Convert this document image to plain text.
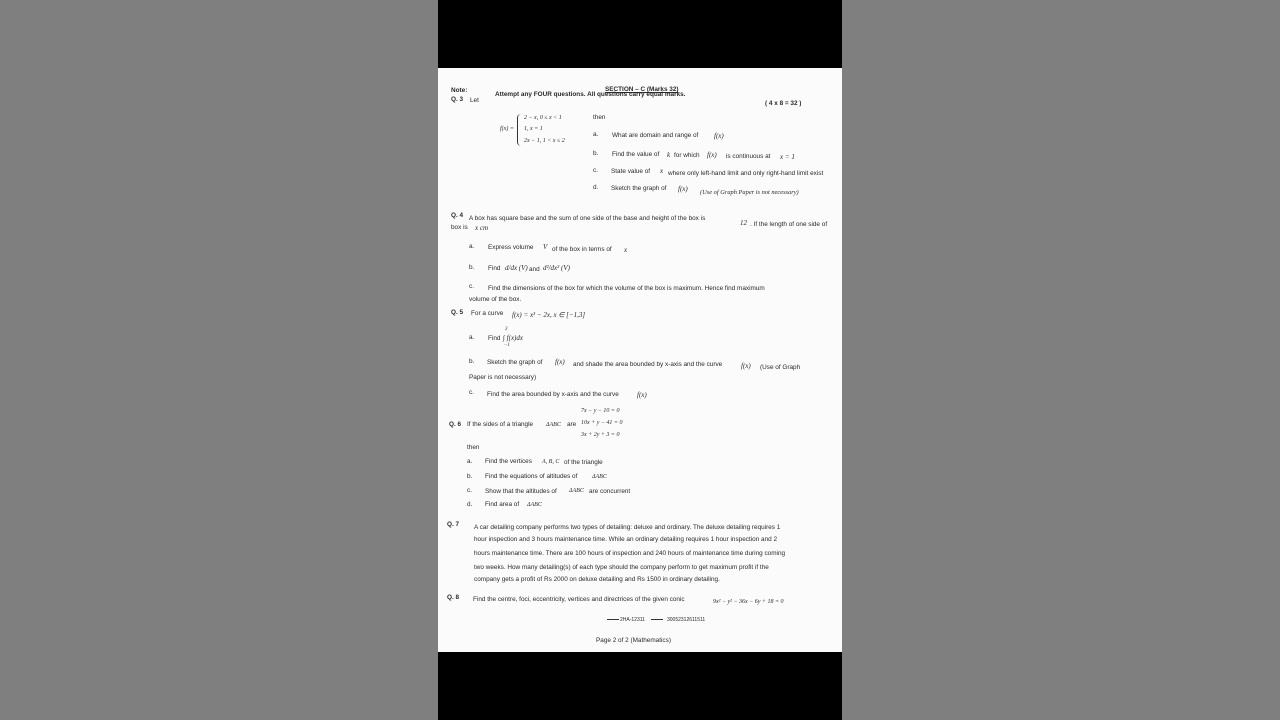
SECTION – C (Marks 32)
Note:
Attempt any FOUR questions. All questions carry equal marks.
( 4 x 8 = 32 )
Q. 3 Let
f(x) =
2 − x, 0 ≤ x < 1
1, x = 1
2x − 1, 1 < x ≤ 2
then
a. What are domain and range of f(x)
b. Find the value of k for which f(x) is continuous at x = 1
c. State value of x where only left-hand limit and only right-hand limit exist
d. Sketch the graph of f(x) (Use of Graph Paper is not necessary)
Q. 4 A box has square base and the sum of one side of the base and height of the box is
12 . If the length of one side of
box is x cm
a. Express volume V of the box in terms of x
b. Find d/dx (V) and d²/dx² (V)
c. Find the dimensions of the box for which the volume of the box is maximum. Hence find maximum
volume of the box.
Q. 5 For a curve f(x) = x³ − 2x, x ∈ [−1,3]
a. Find
3
∫ f(x)dx
−1
b. Sketch the graph of f(x) and shade the area bounded by x-axis and the curve	f(x) (Use of Graph
Paper is not necessary)
c. Find the area bounded by x-axis and the curve	f(x)
7x − y − 10 = 0
Q. 6 If the sides of a triangle ΔABC are 10x + y − 41 = 0
3x + 2y + 3 = 0
then
a. Find the vertices A, B, C of the triangle
b. Find the equations of altitudes of ΔABC
c. Show that the altitudes of ΔABC are concurrent
d. Find area of ΔABC
Q. 7 A car detailing company performs two types of detailing: deluxe and ordinary. The deluxe detailing requires 1
hour inspection and 3 hours maintenance time. While an ordinary detailing requires 1 hour inspection and 2
hours maintenance time. There are 100 hours of inspection and 240 hours of maintenance time during coming
two weeks. How many detailing(s) of each type should the company perform to get maximum profit if the
company gets a profit of Rs 2000 on deluxe detailing and Rs 1500 in ordinary detailing.
Q. 8 Find the centre, foci, eccentricity, vertices and directrices of the given conic	9x² − y² − 36x − 6y + 18 = 0
2HA-12311	30052312611511
Page 2 of 2 (Mathematics)
